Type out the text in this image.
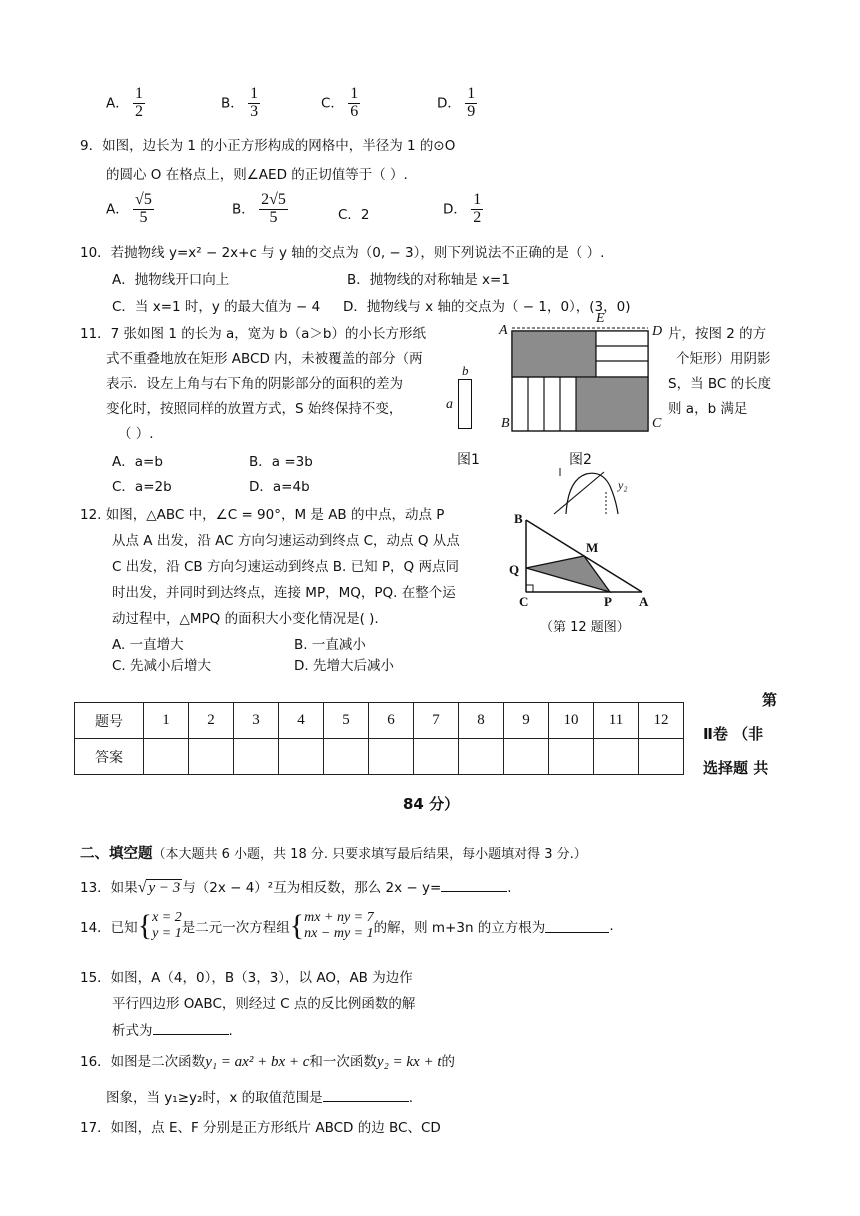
A． $\frac{1}{2}$	B． $\frac{1}{3}$	C． $\frac{1}{6}$	D． $\frac{1}{9}$
9．如图，边长为 1 的小正方形构成的网格中，半径为 1 的⊙O
的圆心 O 在格点上，则∠AED 的正切值等于（ ）.
A． $\frac{√5}{5}$	B． $\frac{2√5}{5}$	C．2	D． $\frac{1}{2}$
10．若抛物线 y=x² − 2x+c 与 y 轴的交点为（0, − 3），则下列说法不正确的是（ ）.
A．抛物线开口向上	B．抛物线的对称轴是 x=1
C．当 x=1 时，y 的最大值为 − 4 D．抛物线与 x 轴的交点为（ − 1，0），(3，0)
11．7 张如图 1 的长为 a，宽为 b（a＞b）的小长方形纸	片，按图 2 的方
式不重叠地放在矩形 ABCD 内，未被覆盖的部分（两	个矩形）用阴影
表示．设左上角与右下角的阴影部分的面积的差为	S，当 BC 的长度
变化时，按照同样的放置方式，S 始终保持不变，	则 a，b 满足
（ ）.
A．a=b	B．a =3b
C．a=2b	D．a=4b
b
a
图1
A
E
D
B	C
图2
y₂
12. 如图，△ABC 中，∠C = 90°，M 是 AB 的中点，动点 P
从点 A 出发，沿 AC 方向匀速运动到终点 C，动点 Q 从点
C 出发，沿 CB 方向匀速运动到终点 B. 已知 P，Q 两点同
时出发，并同时到达终点，连接 MP，MQ，PQ. 在整个运
动过程中，△MPQ 的面积大小变化情况是( ).
A. 一直增大	B. 一直减小
C. 先减小后增大	D. 先增大后减小
B
M
Q
C	P A
（第 12 题图）
题号	1	2	3	4	5	6	7	8	9	10	11	12
答案												
第
Ⅱ卷 （非
选择题 共
84 分）
二、填空题（本大题共 6 小题，共 18 分. 只要求填写最后结果，每小题填对得 3 分.）
13．如果√ y − 3 与（2x − 4）²互为相反数，那么 2x − y=	.
14．已知{ x = 2
y = 1 是二元一次方程组{ mx + ny = 7
nx − my = 1 的解，则 m+3n 的立方根为	.
15．如图，A（4，0），B（3，3），以 AO，AB 为边作
平行四边形 OABC，则经过 C 点的反比例函数的解
析式为	.
16．如图是二次函数y₁ = ax² + bx + c和一次函数y₂ = kx + t的
图象，当 y₁≥y₂时，x 的取值范围是	.
17．如图，点 E、F 分别是正方形纸片 ABCD 的边 BC、CD
